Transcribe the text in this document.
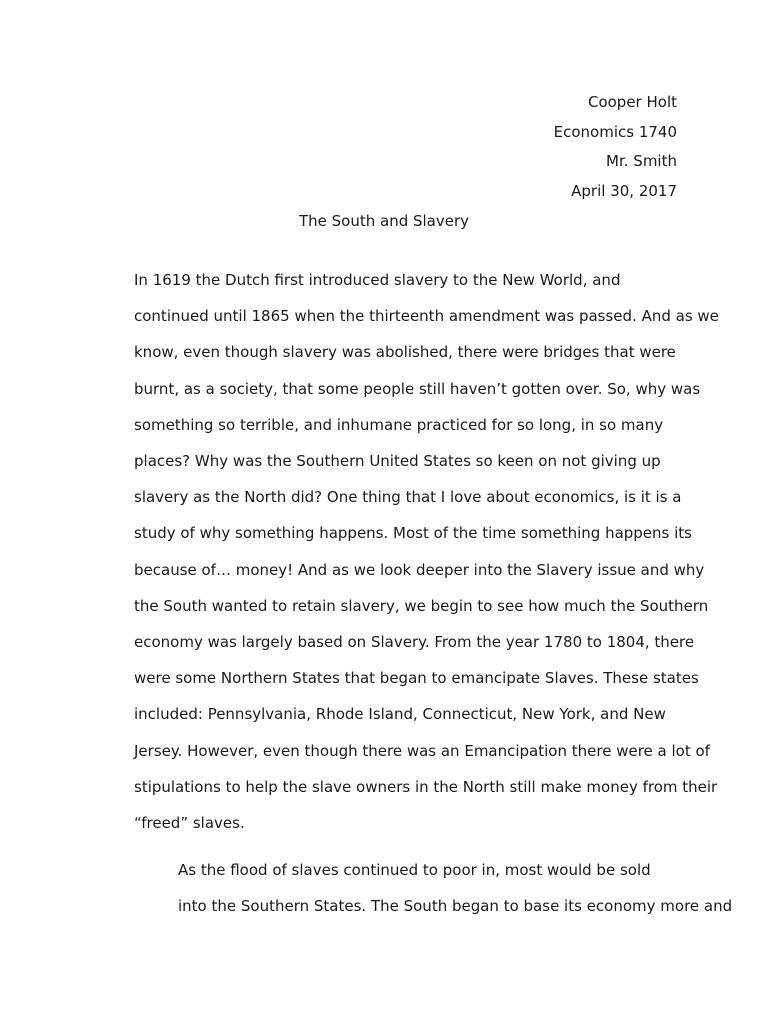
Cooper Holt
Economics 1740
Mr. Smith
April 30, 2017
The South and Slavery

In 1619 the Dutch first introduced slavery to the New World, and
continued until 1865 when the thirteenth amendment was passed. And as we
know, even though slavery was abolished, there were bridges that were
burnt, as a society, that some people still haven’t gotten over. So, why was
something so terrible, and inhumane practiced for so long, in so many
places? Why was the Southern United States so keen on not giving up
slavery as the North did? One thing that I love about economics, is it is a
study of why something happens. Most of the time something happens its
because of… money! And as we look deeper into the Slavery issue and why
the South wanted to retain slavery, we begin to see how much the Southern
economy was largely based on Slavery. From the year 1780 to 1804, there
were some Northern States that began to emancipate Slaves. These states
included: Pennsylvania, Rhode Island, Connecticut, New York, and New
Jersey. However, even though there was an Emancipation there were a lot of
stipulations to help the slave owners in the North still make money from their
“freed” slaves.

As the flood of slaves continued to poor in, most would be sold
into the Southern States. The South began to base its economy more and
